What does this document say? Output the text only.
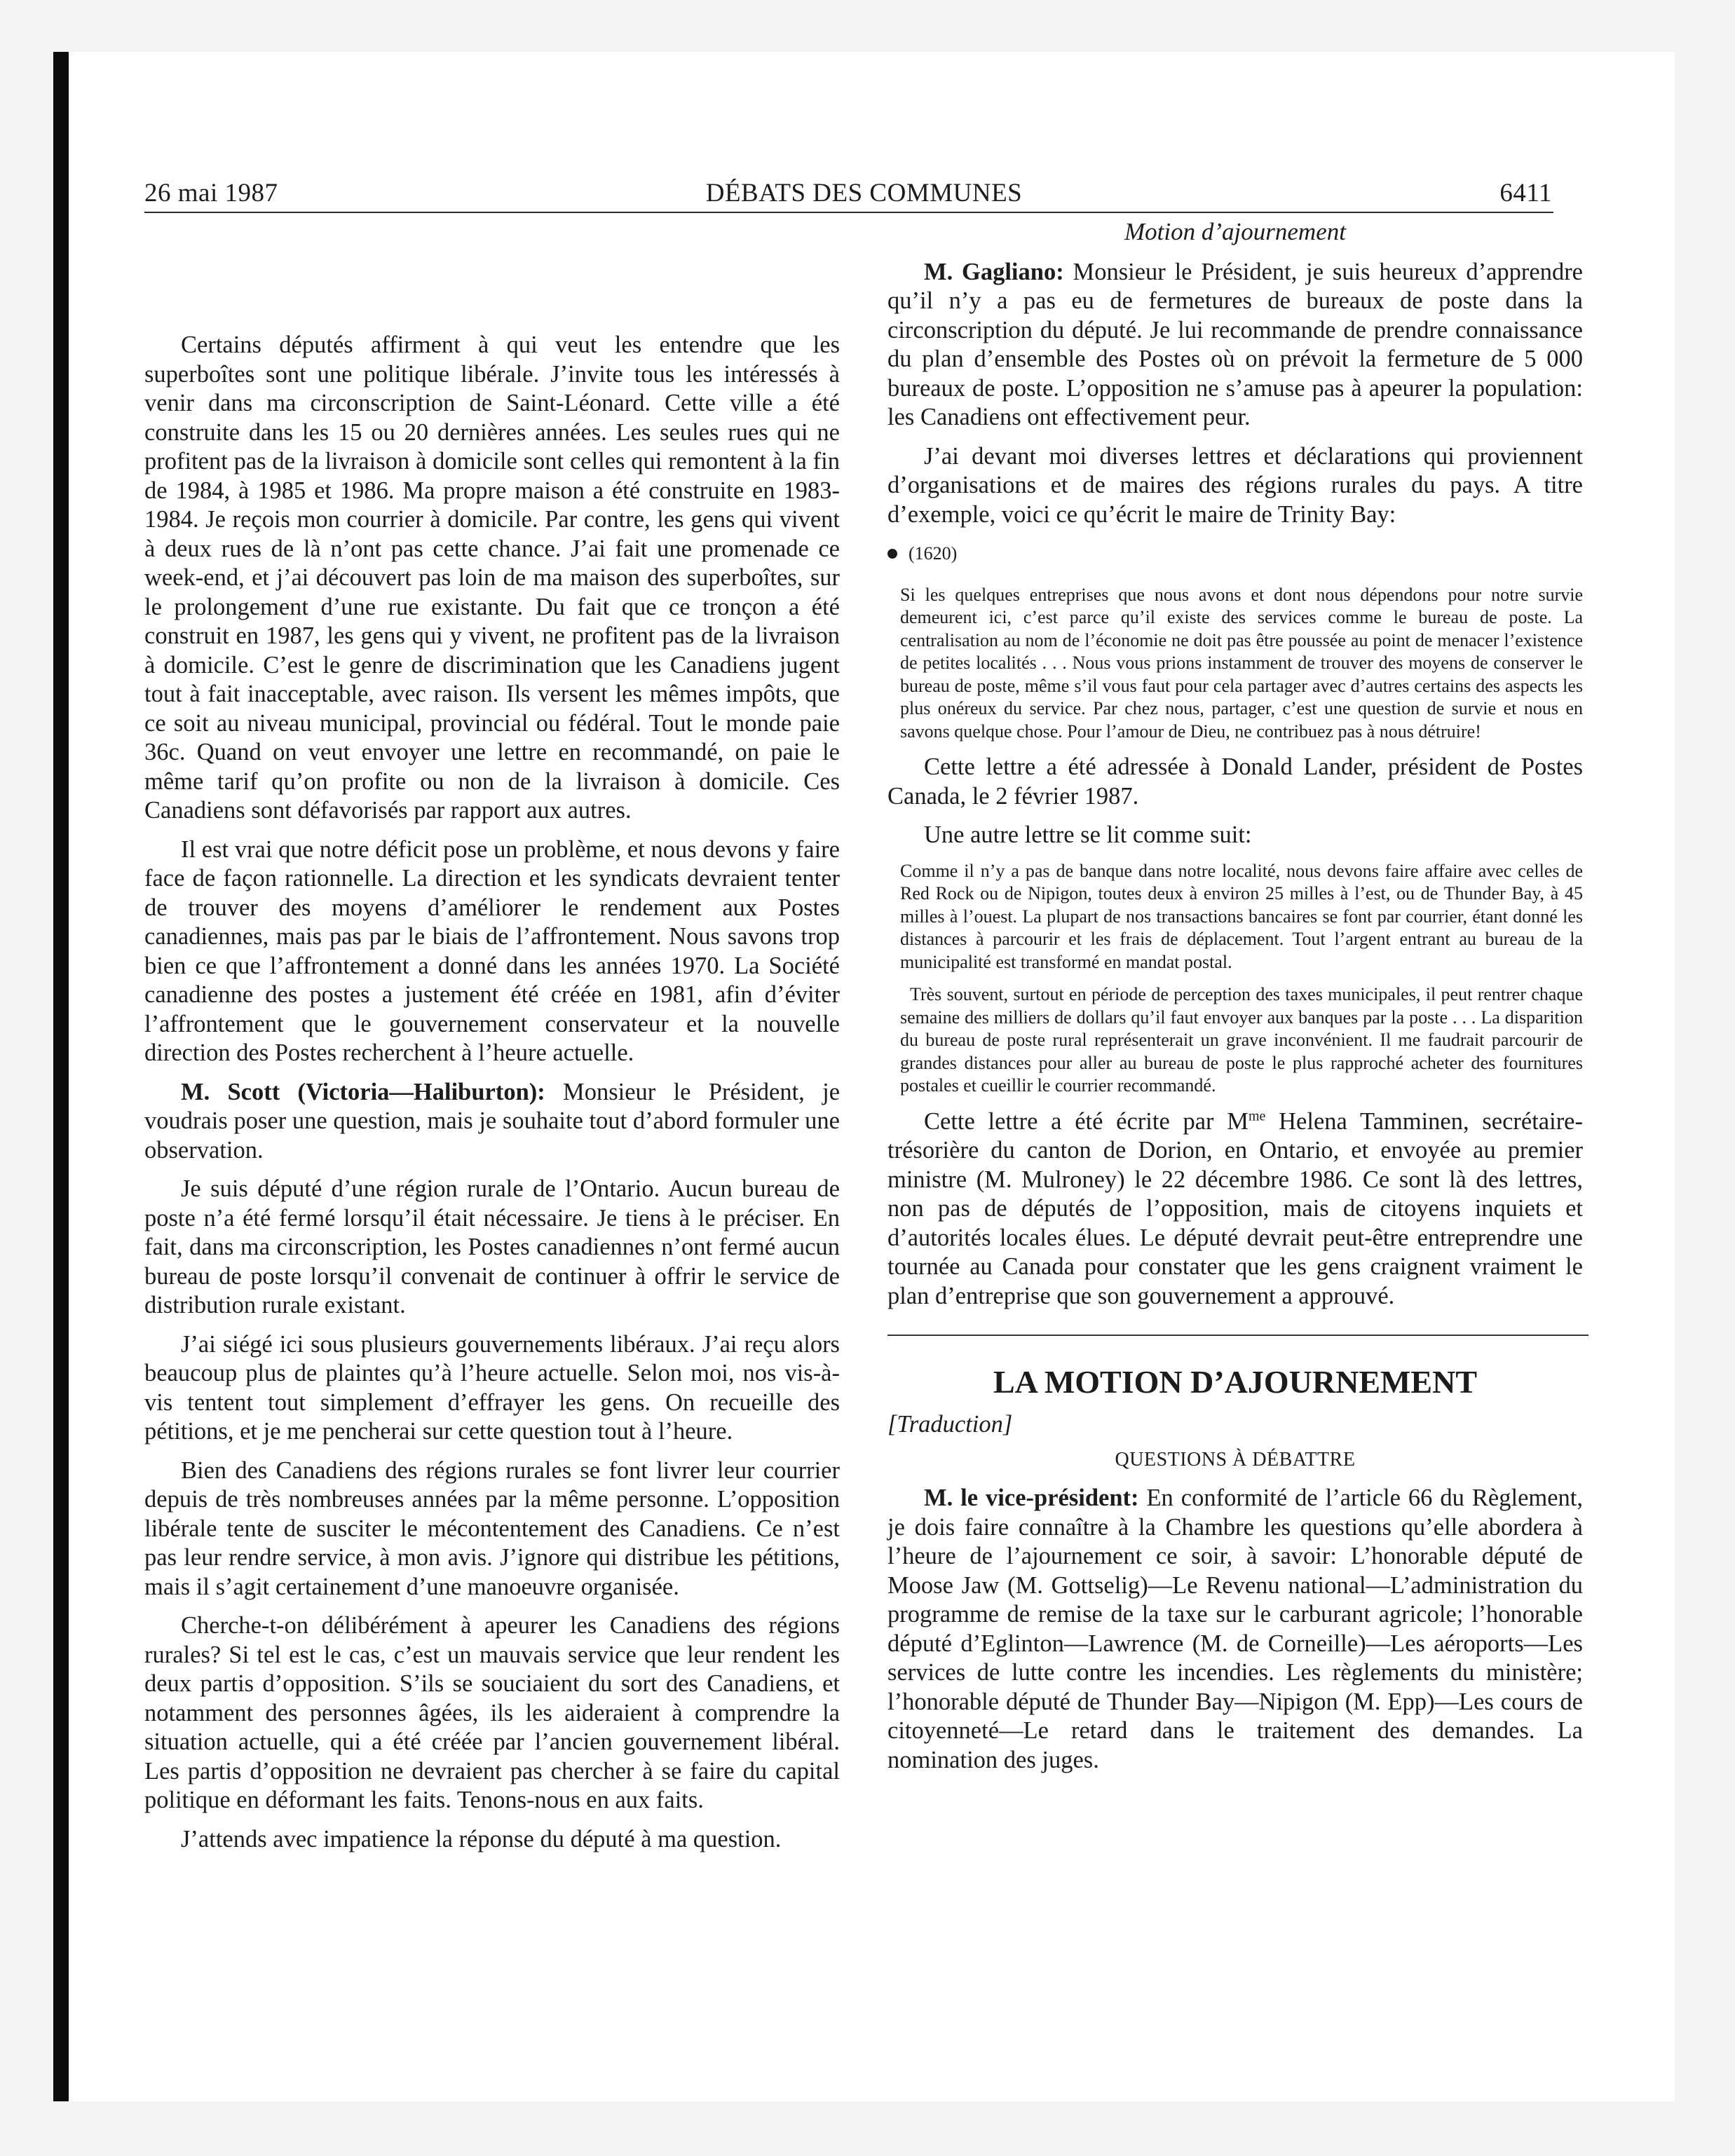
26 mai 1987	DÉBATS DES COMMUNES	6411

Certains députés affirment à qui veut les entendre que les superboîtes sont une politique libérale. J’invite tous les intéressés à venir dans ma circonscription de Saint-Léonard. Cette ville a été construite dans les 15 ou 20 dernières années. Les seules rues qui ne profitent pas de la livraison à domicile sont celles qui remontent à la fin de 1984, à 1985 et 1986. Ma propre maison a été construite en 1983-1984. Je reçois mon courrier à domicile. Par contre, les gens qui vivent à deux rues de là n’ont pas cette chance. J’ai fait une promenade ce week-end, et j’ai découvert pas loin de ma maison des superboîtes, sur le prolongement d’une rue existante. Du fait que ce tronçon a été construit en 1987, les gens qui y vivent, ne profitent pas de la livraison à domicile. C’est le genre de discrimination que les Canadiens jugent tout à fait inacceptable, avec raison. Ils versent les mêmes impôts, que ce soit au niveau municipal, provincial ou fédéral. Tout le monde paie 36c. Quand on veut envoyer une lettre en recommandé, on paie le même tarif qu’on profite ou non de la livraison à domicile. Ces Canadiens sont défavorisés par rapport aux autres.

Il est vrai que notre déficit pose un problème, et nous devons y faire face de façon rationnelle. La direction et les syndicats devraient tenter de trouver des moyens d’améliorer le rendement aux Postes canadiennes, mais pas par le biais de l’affrontement. Nous savons trop bien ce que l’affrontement a donné dans les années 1970. La Société canadienne des postes a justement été créée en 1981, afin d’éviter l’affrontement que le gouvernement conservateur et la nouvelle direction des Postes recherchent à l’heure actuelle.

M. Scott (Victoria—Haliburton): Monsieur le Président, je voudrais poser une question, mais je souhaite tout d’abord formuler une observation.

Je suis député d’une région rurale de l’Ontario. Aucun bureau de poste n’a été fermé lorsqu’il était nécessaire. Je tiens à le préciser. En fait, dans ma circonscription, les Postes canadiennes n’ont fermé aucun bureau de poste lorsqu’il convenait de continuer à offrir le service de distribution rurale existant.

J’ai siégé ici sous plusieurs gouvernements libéraux. J’ai reçu alors beaucoup plus de plaintes qu’à l’heure actuelle. Selon moi, nos vis-à-vis tentent tout simplement d’effrayer les gens. On recueille des pétitions, et je me pencherai sur cette question tout à l’heure.

Bien des Canadiens des régions rurales se font livrer leur courrier depuis de très nombreuses années par la même personne. L’opposition libérale tente de susciter le mécontentement des Canadiens. Ce n’est pas leur rendre service, à mon avis. J’ignore qui distribue les pétitions, mais il s’agit certainement d’une manoeuvre organisée.

Cherche-t-on délibérément à apeurer les Canadiens des régions rurales? Si tel est le cas, c’est un mauvais service que leur rendent les deux partis d’opposition. S’ils se souciaient du sort des Canadiens, et notamment des personnes âgées, ils les aideraient à comprendre la situation actuelle, qui a été créée par l’ancien gouvernement libéral. Les partis d’opposition ne devraient pas chercher à se faire du capital politique en déformant les faits. Tenons-nous en aux faits.

J’attends avec impatience la réponse du député à ma question.

Motion d’ajournement

M. Gagliano: Monsieur le Président, je suis heureux d’apprendre qu’il n’y a pas eu de fermetures de bureaux de poste dans la circonscription du député. Je lui recommande de prendre connaissance du plan d’ensemble des Postes où on prévoit la fermeture de 5 000 bureaux de poste. L’opposition ne s’amuse pas à apeurer la population: les Canadiens ont effectivement peur.

J’ai devant moi diverses lettres et déclarations qui proviennent d’organisations et de maires des régions rurales du pays. A titre d’exemple, voici ce qu’écrit le maire de Trinity Bay:

(1620)

Si les quelques entreprises que nous avons et dont nous dépendons pour notre survie demeurent ici, c’est parce qu’il existe des services comme le bureau de poste. La centralisation au nom de l’économie ne doit pas être poussée au point de menacer l’existence de petites localités . . . Nous vous prions instamment de trouver des moyens de conserver le bureau de poste, même s’il vous faut pour cela partager avec d’autres certains des aspects les plus onéreux du service. Par chez nous, partager, c’est une question de survie et nous en savons quelque chose. Pour l’amour de Dieu, ne contribuez pas à nous détruire!

Cette lettre a été adressée à Donald Lander, président de Postes Canada, le 2 février 1987.

Une autre lettre se lit comme suit:

Comme il n’y a pas de banque dans notre localité, nous devons faire affaire avec celles de Red Rock ou de Nipigon, toutes deux à environ 25 milles à l’est, ou de Thunder Bay, à 45 milles à l’ouest. La plupart de nos transactions bancaires se font par courrier, étant donné les distances à parcourir et les frais de déplacement. Tout l’argent entrant au bureau de la municipalité est transformé en mandat postal.

Très souvent, surtout en période de perception des taxes municipales, il peut rentrer chaque semaine des milliers de dollars qu’il faut envoyer aux banques par la poste . . . La disparition du bureau de poste rural représenterait un grave inconvénient. Il me faudrait parcourir de grandes distances pour aller au bureau de poste le plus rapproché acheter des fournitures postales et cueillir le courrier recommandé.

Cette lettre a été écrite par $M^{me}$ Helena Tamminen, secrétaire-trésorière du canton de Dorion, en Ontario, et envoyée au premier ministre (M. Mulroney) le 22 décembre 1986. Ce sont là des lettres, non pas de députés de l’opposition, mais de citoyens inquiets et d’autorités locales élues. Le député devrait peut-être entreprendre une tournée au Canada pour constater que les gens craignent vraiment le plan d’entreprise que son gouvernement a approuvé.

LA MOTION D’AJOURNEMENT

[Traduction]

QUESTIONS À DÉBATTRE

M. le vice-président: En conformité de l’article 66 du Règlement, je dois faire connaître à la Chambre les questions qu’elle abordera à l’heure de l’ajournement ce soir, à savoir: L’honorable député de Moose Jaw (M. Gottselig)—Le Revenu national—L’administration du programme de remise de la taxe sur le carburant agricole; l’honorable député d’Eglinton—Lawrence (M. de Corneille)—Les aéroports—Les services de lutte contre les incendies. Les règlements du ministère; l’honorable député de Thunder Bay—Nipigon (M. Epp)—Les cours de citoyenneté—Le retard dans le traitement des demandes. La nomination des juges.
